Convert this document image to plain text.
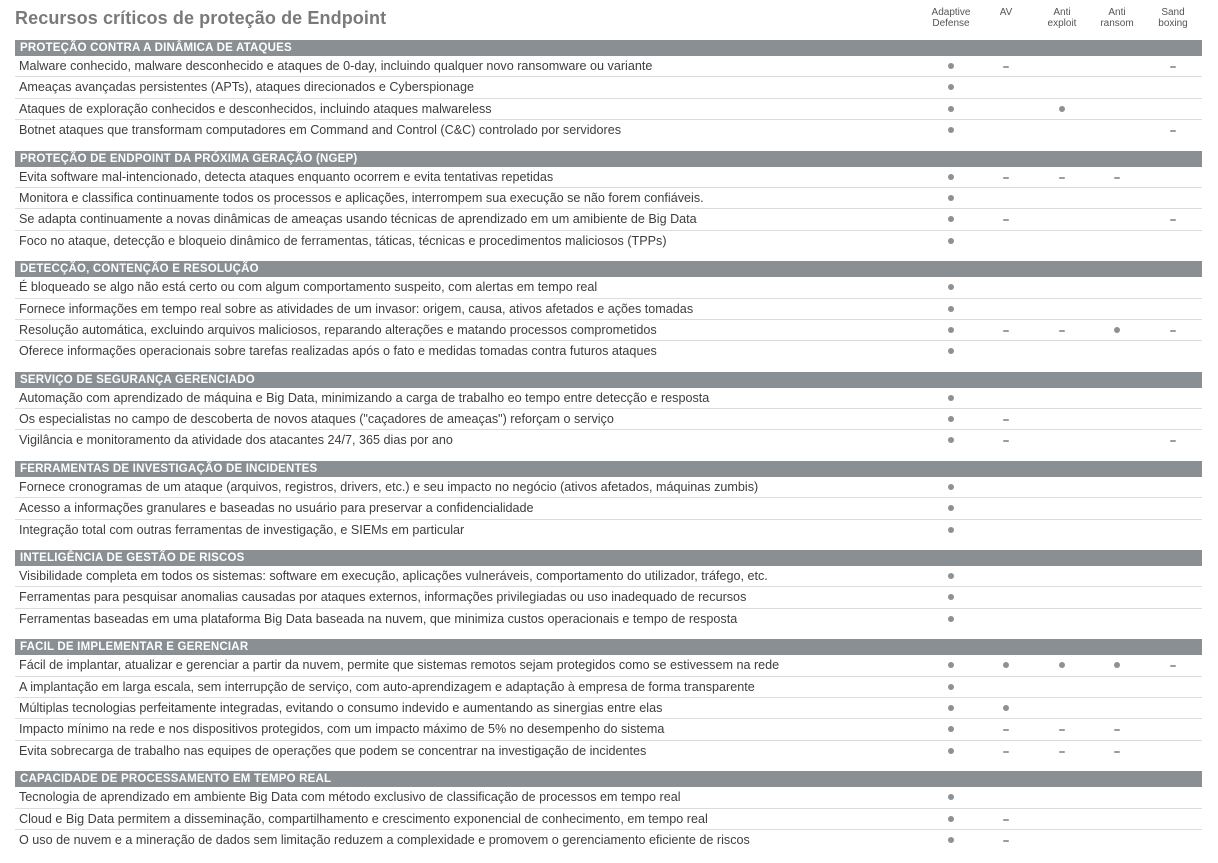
Recursos críticos de proteção de Endpoint	Adaptive
Defense
AV	Anti
exploit
Anti
ransom
Sand
boxing
PROTEÇÃO CONTRA A DINÂMICA DE ATAQUES
Malware conhecido, malware desconhecido e ataques de 0-day, incluindo qualquer novo ransomware ou variante
Ameaças avançadas persistentes (APTs), ataques direcionados e Cyberspionage
Ataques de exploração conhecidos e desconhecidos, incluindo ataques malwareless
Botnet ataques que transformam computadores em Command and Control (C&C) controlado por servidores
PROTEÇÃO DE ENDPOINT DA PRÓXIMA GERAÇÃO (NGEP)
Evita software mal-intencionado, detecta ataques enquanto ocorrem e evita tentativas repetidas
Monitora e classifica continuamente todos os processos e aplicações, interrompem sua execução se não forem confiáveis.
Se adapta continuamente a novas dinâmicas de ameaças usando técnicas de aprendizado em um amibiente de Big Data
Foco no ataque, detecção e bloqueio dinâmico de ferramentas, táticas, técnicas e procedimentos maliciosos (TPPs)
DETECÇÃO, CONTENÇÃO E RESOLUÇÃO
É bloqueado se algo não está certo ou com algum comportamento suspeito, com alertas em tempo real
Fornece informações em tempo real sobre as atividades de um invasor: origem, causa, ativos afetados e ações tomadas
Resolução automática, excluindo arquivos maliciosos, reparando alterações e matando processos comprometidos
Oferece informações operacionais sobre tarefas realizadas após o fato e medidas tomadas contra futuros ataques
SERVIÇO DE SEGURANÇA GERENCIADO
Automação com aprendizado de máquina e Big Data, minimizando a carga de trabalho eo tempo entre detecção e resposta
Os especialistas no campo de descoberta de novos ataques ("caçadores de ameaças") reforçam o serviço
Vigilância e monitoramento da atividade dos atacantes 24/7, 365 dias por ano
FERRAMENTAS DE INVESTIGAÇÃO DE INCIDENTES
Fornece cronogramas de um ataque (arquivos, registros, drivers, etc.) e seu impacto no negócio (ativos afetados, máquinas zumbis)
Acesso a informações granulares e baseadas no usuário para preservar a confidencialidade
Integração total com outras ferramentas de investigação, e SIEMs em particular
INTELIGÊNCIA DE GESTÃO DE RISCOS
Visibilidade completa em todos os sistemas: software em execução, aplicações vulneráveis, comportamento do utilizador, tráfego, etc.
Ferramentas para pesquisar anomalias causadas por ataques externos, informações privilegiadas ou uso inadequado de recursos
Ferramentas baseadas em uma plataforma Big Data baseada na nuvem, que minimiza custos operacionais e tempo de resposta
FACIL DE IMPLEMENTAR E GERENCIAR
Fácil de implantar, atualizar e gerenciar a partir da nuvem, permite que sistemas remotos sejam protegidos como se estivessem na rede
A implantação em larga escala, sem interrupção de serviço, com auto-aprendizagem e adaptação à empresa de forma transparente
Múltiplas tecnologias perfeitamente integradas, evitando o consumo indevido e aumentando as sinergias entre elas
Impacto mínimo na rede e nos dispositivos protegidos, com um impacto máximo de 5% no desempenho do sistema
Evita sobrecarga de trabalho nas equipes de operações que podem se concentrar na investigação de incidentes
CAPACIDADE DE PROCESSAMENTO EM TEMPO REAL
Tecnologia de aprendizado em ambiente Big Data com método exclusivo de classificação de processos em tempo real
Cloud e Big Data permitem a disseminação, compartilhamento e crescimento exponencial de conhecimento, em tempo real
O uso de nuvem e a mineração de dados sem limitação reduzem a complexidade e promovem o gerenciamento eficiente de riscos
